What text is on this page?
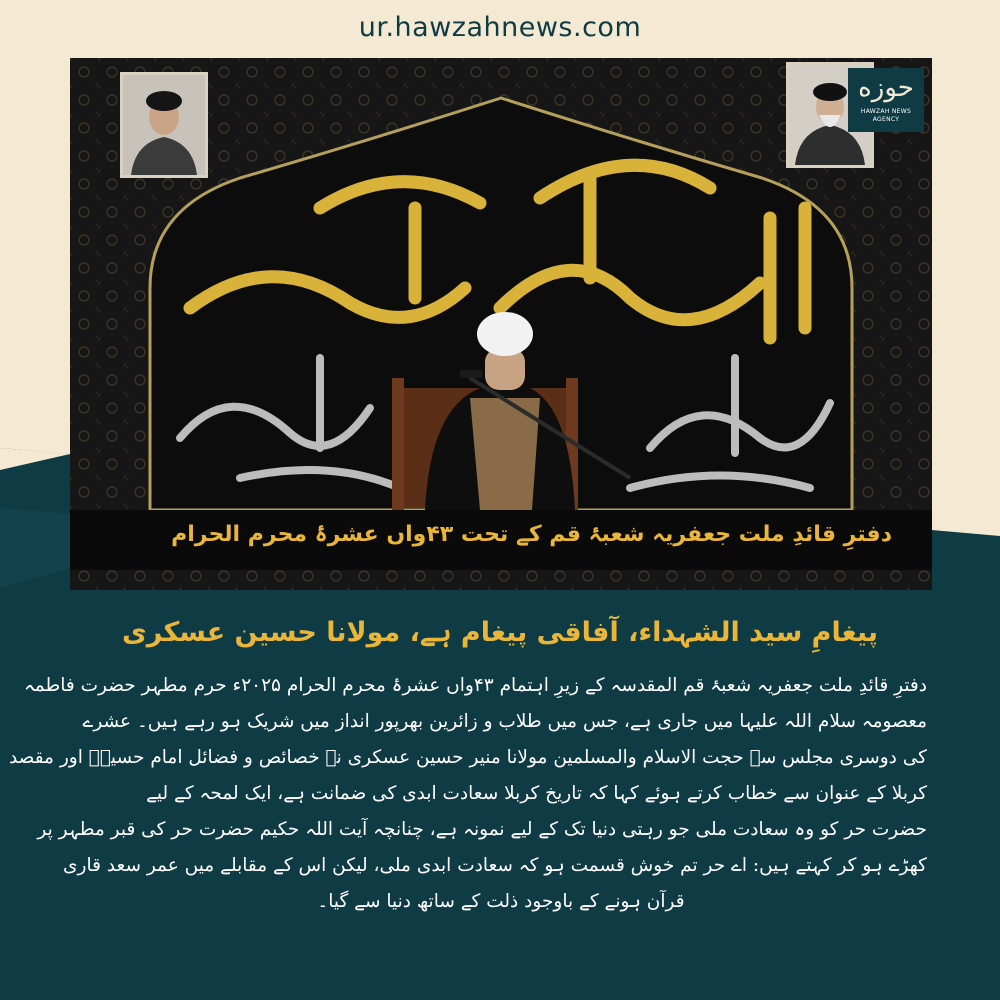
ur.hawzahnews.com
حوزه
HAWZAH NEWS AGENCY
دفترِ قائدِ ملت جعفریہ شعبۂ قم کے تحت ۴۳واں عشرۂ محرم الحرام
پیغامِ سید الشہداء، آفاقی پیغام ہے، مولانا حسین عسکری
دفترِ قائدِ ملت جعفریہ شعبۂ قم المقدسہ کے زیرِ اہتمام ۴۳واں عشرۂ محرم الحرام ۲۰۲۵ء حرم مطہر حضرت فاطمہ
معصومہ سلام اللہ علیہا میں جاری ہے، جس میں طلاب و زائرین بھرپور انداز میں شریک ہو رہے ہیں۔ عشرے
کی دوسری مجلس سے حجت الاسلام والمسلمین مولانا منیر حسین عسکری نے خصائص و فضائل امام حسینؑ اور مقصد
کربلا کے عنوان سے خطاب کرتے ہوئے کہا کہ تاریخ کربلا سعادت ابدی کی ضمانت ہے، ایک لمحہ کے لیے
حضرت حر کو وہ سعادت ملی جو رہتی دنیا تک کے لیے نمونہ ہے، چنانچہ آیت اللہ حکیم حضرت حر کی قبر مطہر پر
کھڑے ہو کر کہتے ہیں: اے حر تم خوش قسمت ہو کہ سعادت ابدی ملی، لیکن اس کے مقابلے میں عمر سعد قاری
قرآن ہونے کے باوجود ذلت کے ساتھ دنیا سے گیا۔
